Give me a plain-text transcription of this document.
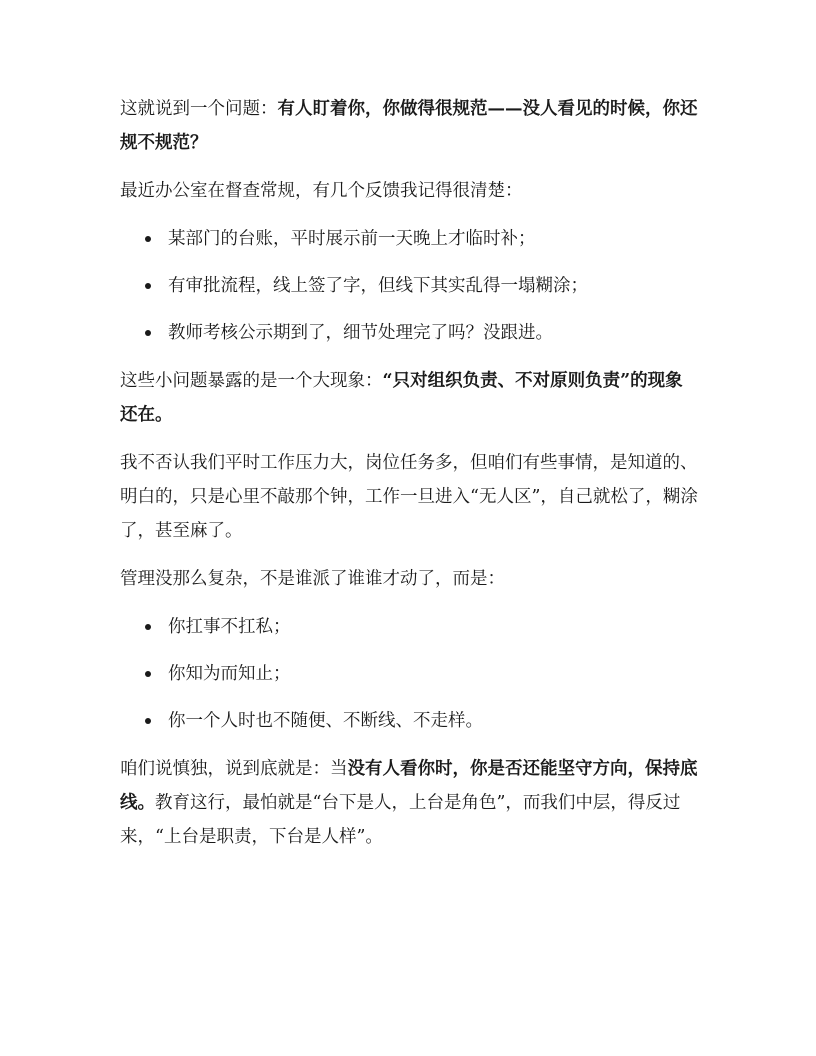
这就说到一个问题：有人盯着你，你做得很规范——没人看见的时候，你还规不规范？

最近办公室在督查常规，有几个反馈我记得很清楚：

某部门的台账，平时展示前一天晚上才临时补；
有审批流程，线上签了字，但线下其实乱得一塌糊涂；
教师考核公示期到了，细节处理完了吗？没跟进。

这些小问题暴露的是一个大现象：“只对组织负责、不对原则负责”的现象还在。

我不否认我们平时工作压力大，岗位任务多，但咱们有些事情，是知道的、明白的，只是心里不敲那个钟，工作一旦进入“无人区”，自己就松了，糊涂了，甚至麻了。

管理没那么复杂，不是谁派了谁谁才动了，而是：

你扛事不扛私；
你知为而知止；
你一个人时也不随便、不断线、不走样。

咱们说慎独，说到底就是：当没有人看你时，你是否还能坚守方向，保持底线。教育这行，最怕就是“台下是人，上台是角色”，而我们中层，得反过来，“上台是职责，下台是人样”。
